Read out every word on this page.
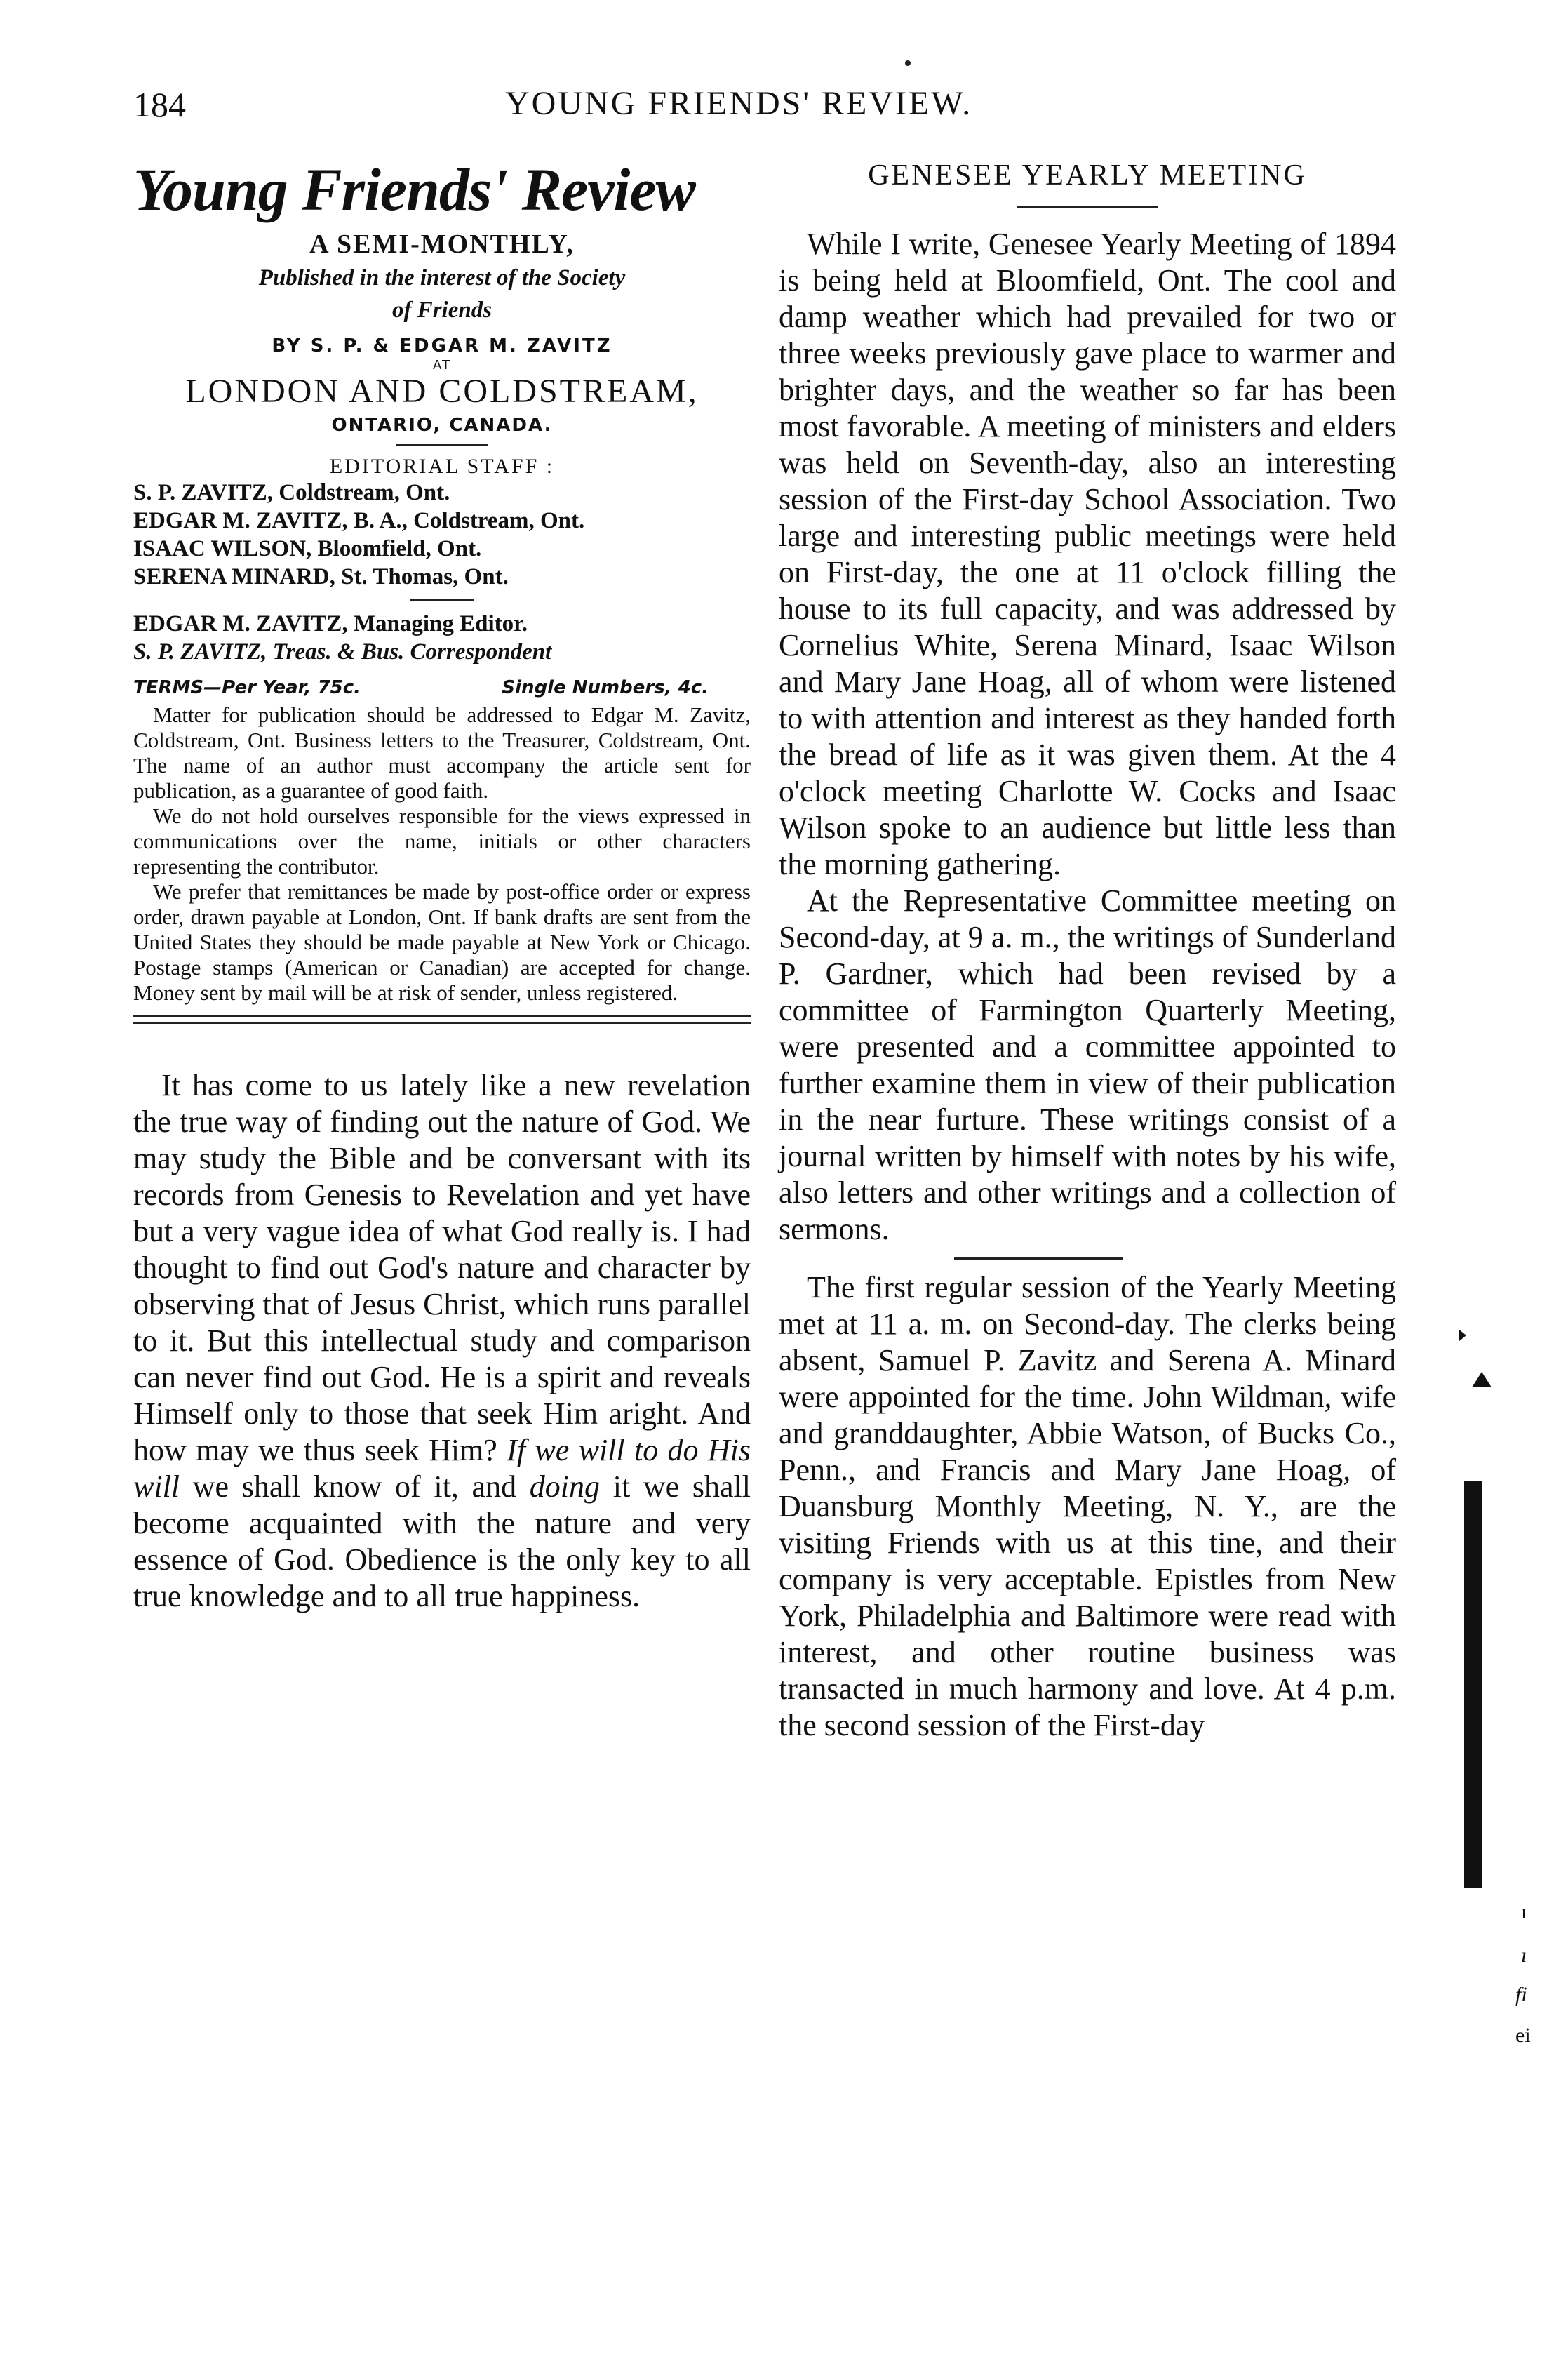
184	YOUNG FRIENDS' REVIEW.
Young Friends' Review
A SEMI-MONTHLY,
Published in the interest of the Society
of Friends
BY S. P. & EDGAR M. ZAVITZ
AT
LONDON AND COLDSTREAM,
ONTARIO, CANADA.
EDITORIAL STAFF :
S. P. ZAVITZ, Coldstream, Ont.
EDGAR M. ZAVITZ, B. A., Coldstream, Ont.
ISAAC WILSON, Bloomfield, Ont.
SERENA MINARD, St. Thomas, Ont.
EDGAR M. ZAVITZ, Managing Editor.
S. P. ZAVITZ, Treas. & Bus. Correspondent
TERMS—Per Year, 75c.	Single Numbers, 4c.

Matter for publication should be addressed to Edgar M. Zavitz, Coldstream, Ont. Business letters to the Treasurer, Coldstream, Ont. The name of an author must accompany the article sent for publication, as a guarantee of good faith.

We do not hold ourselves responsible for the views expressed in communications over the name, initials or other characters representing the contributor.

We prefer that remittances be made by post-office order or express order, drawn payable at London, Ont. If bank drafts are sent from the United States they should be made payable at New York or Chicago. Postage stamps (American or Canadian) are accepted for change. Money sent by mail will be at risk of sender, unless registered.

It has come to us lately like a new revelation the true way of finding out the nature of God. We may study the Bible and be conversant with its records from Genesis to Revelation and yet have but a very vague idea of what God really is. I had thought to find out God's nature and character by observing that of Jesus Christ, which runs parallel to it. But this intellectual study and comparison can never find out God. He is a spirit and reveals Himself only to those that seek Him aright. And how may we thus seek Him? If we will to do His will we shall know of it, and doing it we shall become acquainted with the nature and very essence of God. Obedience is the only key to all true knowledge and to all true happiness.

GENESEE YEARLY MEETING

While I write, Genesee Yearly Meeting of 1894 is being held at Bloomfield, Ont. The cool and damp weather which had prevailed for two or three weeks previously gave place to warmer and brighter days, and the weather so far has been most favorable. A meeting of ministers and elders was held on Seventh-day, also an interesting session of the First-day School Association. Two large and interesting public meetings were held on First-day, the one at 11 o'clock filling the house to its full capacity, and was addressed by Cornelius White, Serena Minard, Isaac Wilson and Mary Jane Hoag, all of whom were listened to with attention and interest as they handed forth the bread of life as it was given them. At the 4 o'clock meeting Charlotte W. Cocks and Isaac Wilson spoke to an audience but little less than the morning gathering.

At the Representative Committee meeting on Second-day, at 9 a. m., the writings of Sunderland P. Gardner, which had been revised by a committee of Farmington Quarterly Meeting, were presented and a committee appointed to further examine them in view of their publication in the near furture. These writings consist of a journal written by himself with notes by his wife, also letters and other writings and a collection of sermons.

The first regular session of the Yearly Meeting met at 11 a. m. on Second-day. The clerks being absent, Samuel P. Zavitz and Serena A. Minard were appointed for the time. John Wildman, wife and granddaughter, Abbie Watson, of Bucks Co., Penn., and Francis and Mary Jane Hoag, of Duansburg Monthly Meeting, N. Y., are the visiting Friends with us at this tine, and their company is very acceptable. Epistles from New York, Philadelphia and Baltimore were read with interest, and other routine business was transacted in much harmony and love. At 4 p.m. the second session of the First-day

ı
ı
fi
ei
